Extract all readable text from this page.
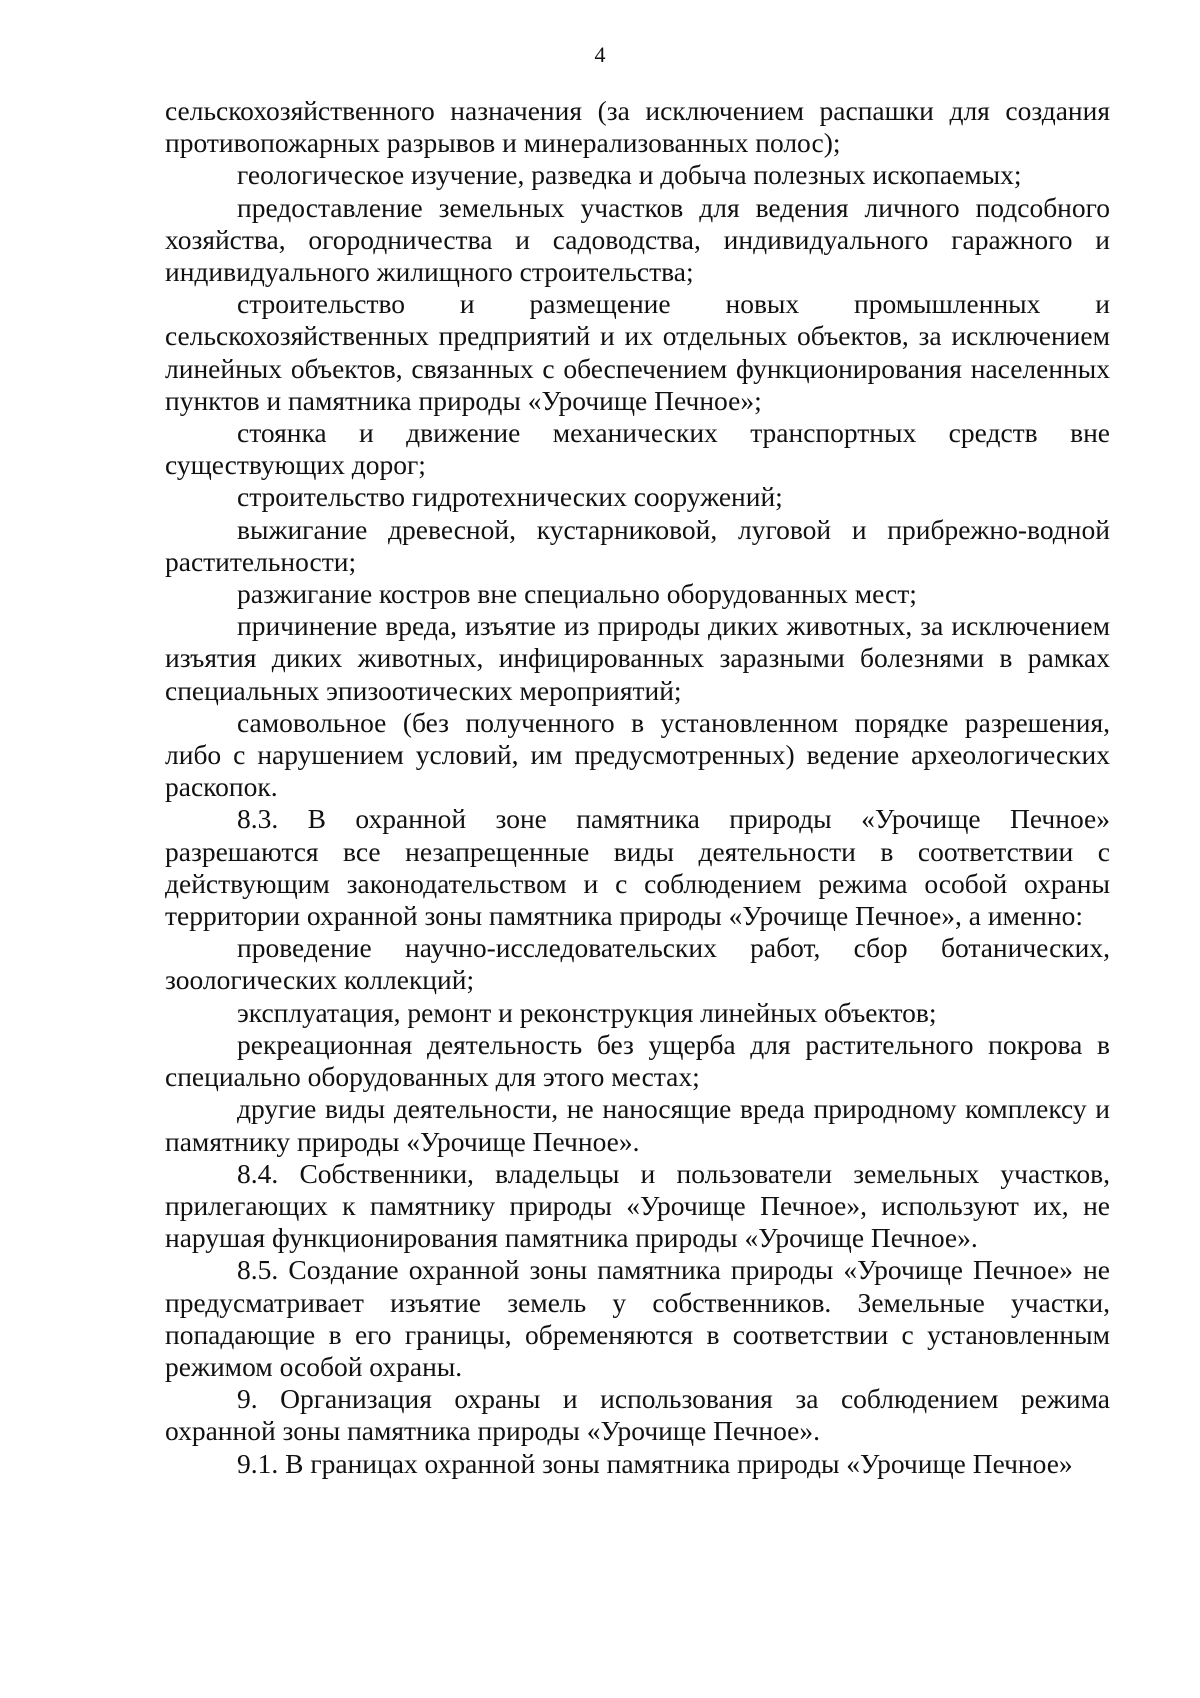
4

сельскохозяйственного назначения (за исключением распашки для создания противопожарных разрывов и минерализованных полос);

геологическое изучение, разведка и добыча полезных ископаемых;

предоставление земельных участков для ведения личного подсобного хозяйства, огородничества и садоводства, индивидуального гаражного и индивидуального жилищного строительства;

строительство и размещение новых промышленных и сельскохозяйственных предприятий и их отдельных объектов, за исключением линейных объектов, связанных с обеспечением функционирования населенных пунктов и памятника природы «Урочище Печное»;

стоянка и движение механических транспортных средств вне существующих дорог;

строительство гидротехнических сооружений;

выжигание древесной, кустарниковой, луговой и прибрежно-водной растительности;

разжигание костров вне специально оборудованных мест;

причинение вреда, изъятие из природы диких животных, за исключением изъятия диких животных, инфицированных заразными болезнями в рамках специальных эпизоотических мероприятий;

самовольное (без полученного в установленном порядке разрешения, либо с нарушением условий, им предусмотренных) ведение археологических раскопок.

8.3. В охранной зоне памятника природы «Урочище Печное» разрешаются все незапрещенные виды деятельности в соответствии с действующим законодательством и с соблюдением режима особой охраны территории охранной зоны памятника природы «Урочище Печное», а именно:

проведение научно-исследовательских работ, сбор ботанических, зоологических коллекций;

эксплуатация, ремонт и реконструкция линейных объектов;

рекреационная деятельность без ущерба для растительного покрова в специально оборудованных для этого местах;

другие виды деятельности, не наносящие вреда природному комплексу и памятнику природы «Урочище Печное».

8.4. Собственники, владельцы и пользователи земельных участков, прилегающих к памятнику природы «Урочище Печное», используют их, не нарушая функционирования памятника природы «Урочище Печное».

8.5. Создание охранной зоны памятника природы «Урочище Печное» не предусматривает изъятие земель у собственников. Земельные участки, попадающие в его границы, обременяются в соответствии с установленным режимом особой охраны.

9. Организация охраны и использования за соблюдением режима охранной зоны памятника природы «Урочище Печное».

9.1. В границах охранной зоны памятника природы «Урочище Печное»
